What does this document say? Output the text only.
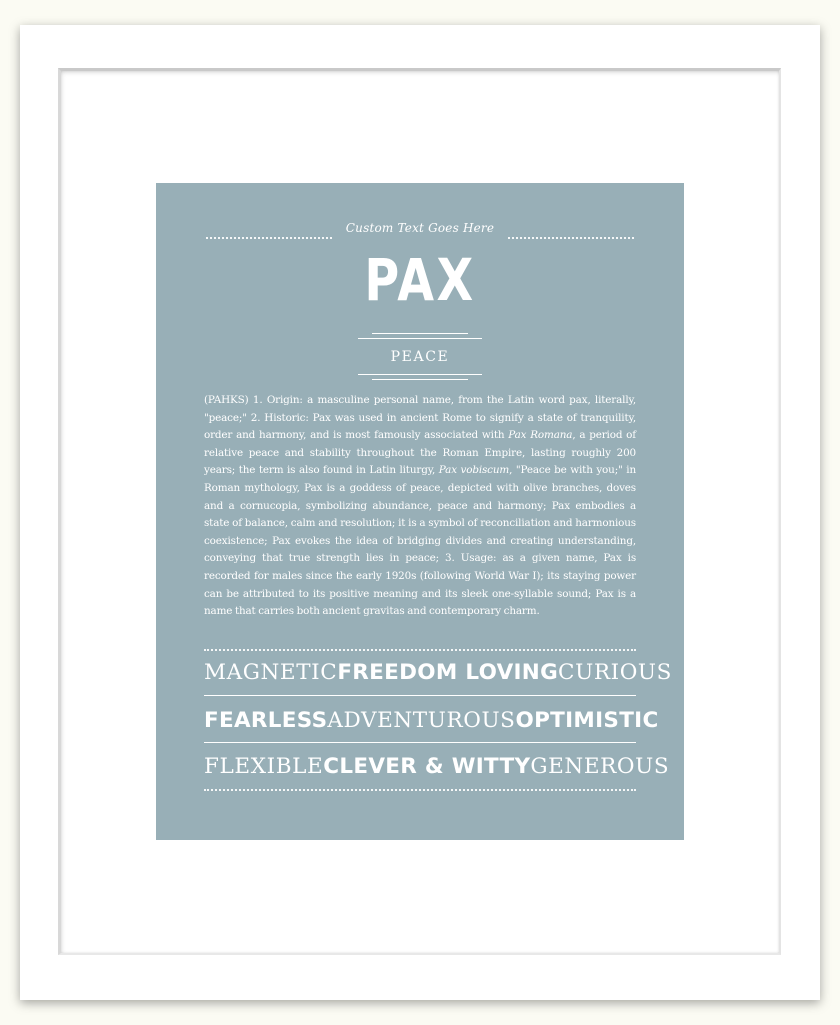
Custom Text Goes Here
PAX
PEACE
(PAHKS) 1. Origin: a masculine personal name, from the Latin word pax, literally, "peace;" 2. Historic: Pax was used in ancient Rome to signify a state of tranquility, order and harmony, and is most famously associated with Pax Romana, a period of relative peace and stability throughout the Roman Empire, lasting roughly 200 years; the term is also found in Latin liturgy, Pax vobiscum, "Peace be with you;" in Roman mythology, Pax is a goddess of peace, depicted with olive branches, doves and a cornucopia, symbolizing abundance, peace and harmony; Pax embodies a state of balance, calm and resolution; it is a symbol of reconciliation and harmonious coexistence; Pax evokes the idea of bridging divides and creating understanding, conveying that true strength lies in peace; 3. Usage: as a given name, Pax is recorded for males since the early 1920s (following World War I); its staying power can be attributed to its positive meaning and its sleek one-syllable sound; Pax is a name that carries both ancient gravitas and contemporary charm.
MAGNETIC FREEDOM LOVING CURIOUS
FEARLESS ADVENTUROUS OPTIMISTIC
FLEXIBLE CLEVER & WITTY GENEROUS
